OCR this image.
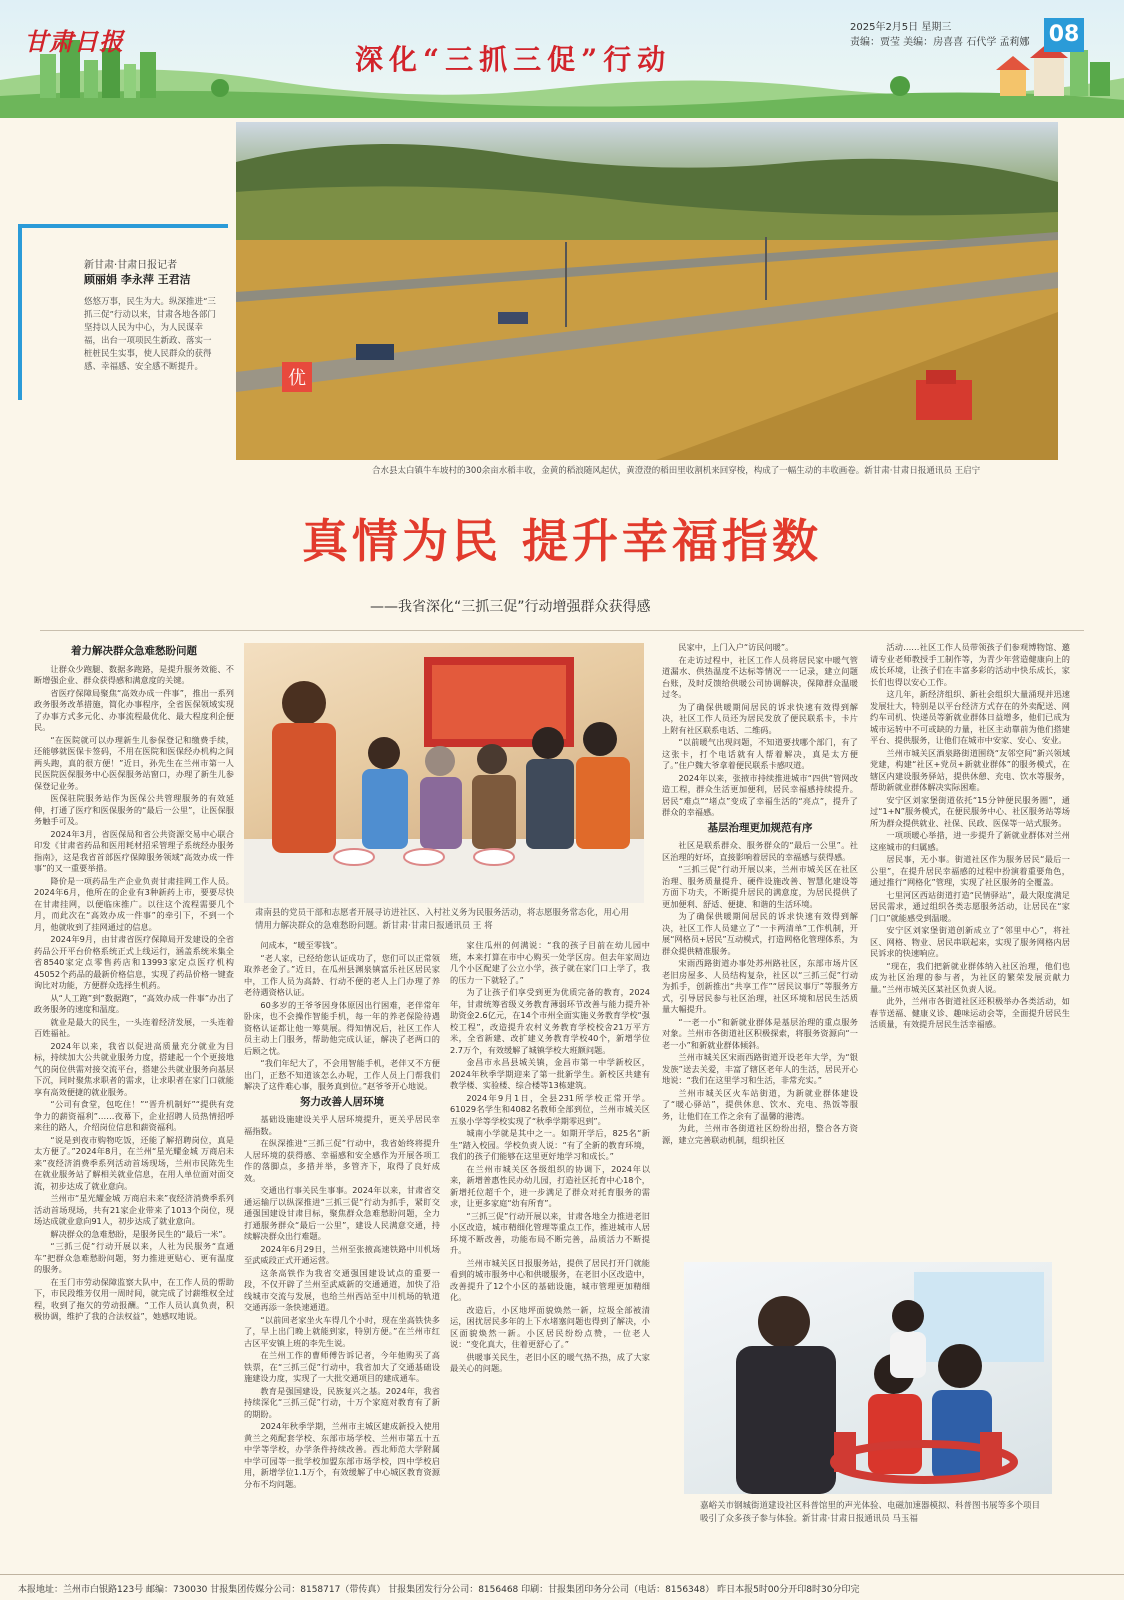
甘肃日报
深化“三抓三促”行动
2025年2月5日 星期三
责编：贾莹 美编：房喜喜 石代学 孟莉娜 08
优
合水县太白镇牛车坡村的300余亩水稻丰收，金黄的稻浪随风起伏，黄澄澄的稻田里收割机来回穿梭，构成了一幅生动的丰收画卷。新甘肃·甘肃日报通讯员 王启宁
新甘肃·甘肃日报记者
顾丽娟 李永萍 王君洁
悠悠万事，民生为大。纵深推进“三抓三促”行动以来，甘肃各地各部门坚持以人民为中心，为人民谋幸福，出台一项项民生新政、落实一桩桩民生实事，使人民群众的获得感、幸福感、安全感不断提升。
真情为民 提升幸福指数
——我省深化“三抓三促”行动增强群众获得感
着力解决群众急难愁盼问题

让群众少跑腿、数据多跑路，是提升服务效能、不断增强企业、群众获得感和满意度的关键。

省医疗保障局聚焦“高效办成一件事”，推出一系列政务服务改革措施，简化办事程序，全省医保领域实现了办事方式多元化、办事流程最优化、最大程度利企便民。

“在医院就可以办理新生儿参保登记和缴费手续，还能够就医保卡签码，不用在医院和医保经办机构之间两头跑，真的很方便！”近日，孙先生在兰州市第一人民医院医保服务中心医保服务站窗口，办理了新生儿参保登记业务。

医保驻院服务站作为医保公共管理服务的有效延伸，打通了医疗和医保服务的“最后一公里”，让医保服务触手可及。

2024年3月，省医保局和省公共资源交易中心联合印发《甘肃省药品和医用耗材招采管理子系统经办服务指南》，这是我省首部医疗保障服务领域“高效办成一件事”的又一重要举措。

降价是一项药品生产企业负责甘肃挂网工作人员。2024年6月，他所在的企业有3种新药上市，要要尽快在甘肃挂网，以便临床推广。以往这个流程需要几个月，而此次在“高效办成一件事”的牵引下，不到一个月，他就收到了挂网通过的信息。

2024年9月，由甘肃省医疗保障局开发建设的全省药品公开平台价格系统正式上线运行，涵盖系统米集全省8540家定点零售药店和13993家定点医疗机构45052个药品的最新价格信息，实现了药品价格一键查询比对功能，方便群众选择生机药。

从“人工跑”到“数据跑”，“高效办成一件事”办出了政务服务的速度和温度。

就业是最大的民生，一头连着经济发展，一头连着百姓福祉。

2024年以来，我省以促进高质量充分就业为目标，持续加大公共就业服务力度，搭建起一个个更接地气的岗位供需对接交流平台，搭建公共就业服务向基层下沉，同时聚焦求职者的需求，让求职者在家门口就能享有高效便捷的就业服务。

“公司有食堂，包吃住！”“晋升机制好”“提供有竞争力的薪资福利”……夜幕下，企业招聘人员热情招呼来往的路人，介绍岗位信息和薪资福利。

“说是到夜市购物吃饭，还能了解招聘岗位，真是太方便了。”2024年8月，在兰州“星光耀金城 万商启未来”夜经济消费季系列活动首场现场，兰州市民陈先生在就业服务站了解相关就业信息，在用人单位面对面交流，初步达成了就业意向。

兰州市“星光耀金城 万商启未来”夜经济消费季系列活动首场现场，共有21家企业带来了1013个岗位，现场达成就业意向91人，初步达成了就业意向。

解决群众的急难愁盼，是服务民生的“最后一米”。

“三抓三促”行动开展以来，人社为民服务“直通车”把群众急难愁盼问题，努力推进更贴心、更有温度的服务。

在玉门市劳动保障监察大队中，在工作人员的帮助下，市民段维芳仅用一周时间，就完成了讨薪维权全过程，收到了拖欠的劳动报酬。“工作人员认真负责，积极协调，维护了我的合法权益”，她感叹地说。

肃南县的党员干部和志愿者开展寻访进社区、入村社义务为民服务活动，将志愿服务常态化，用心用情用力解决群众的急难愁盼问题。新甘肃·甘肃日报通讯员 王 将

问成本，“暖至零钱”。

“老人家，已经给您认证成功了，您们可以正常领取养老金了。”近日，在瓜州县渊泉镇富乐社区居民家中，工作人员为高龄、行动不便的老人上门办理了养老待遇资格认证。

60多岁的王爷爷因身体原因出行困难，老伴常年卧床，也不会操作智能手机，每一年的养老保险待遇资格认证都让他一筹莫展。得知情况后，社区工作人员主动上门服务，帮助他完成认证，解决了老两口的后顾之忧。

“我们年纪大了，不会用智能手机，老伴又不方便出门，正愁不知道该怎么办呢，工作人员上门帮我们解决了这件难心事，服务真到位。”赵爷爷开心地说。

努力改善人居环境

基础设施建设关乎人居环境提升，更关乎居民幸福指数。

在纵深推进“三抓三促”行动中，我省始终将提升人居环境的获得感、幸福感和安全感作为开展各项工作的落脚点，多措并举，多管齐下，取得了良好成效。

交通出行事关民生事事。2024年以来，甘肃省交通运输厅以纵深推进“三抓三促”行动为抓手，紧盯交通强国建设甘肃目标，聚焦群众急难愁盼问题，全力打通服务群众“最后一公里”，建设人民满意交通，持续解决群众出行难题。

2024年6月29日，兰州至张掖高速铁路中川机场至武威段正式开通运营。

这条高铁作为我省交通强国建设试点的重要一段，不仅开辟了兰州至武威新的交通通道，加快了沿线城市交流与发展，也给兰州西站至中川机场的轨道交通再添一条快速通道。

“以前回老家坐火车得几个小时，现在坐高铁快多了，早上出门晚上就能到家，特别方便。”在兰州市红古区平安镇上班的李先生说。

在兰州工作的曹师傅告诉记者，今年他购买了高铁票，在“三抓三促”行动中，我省加大了交通基础设施建设力度，实现了一大批交通项目的建成通车。

教育是强国建设，民族复兴之基。2024年，我省持续深化“三抓三促”行动，十万个家庭对教育有了新的期盼。

2024年秋季学期，兰州市主城区建成新投入使用黄兰之苑配套学校、东部市场学校、兰州市第五十五中学等学校，办学条件持续改善。西北师范大学附属中学可园等一批学校加盟东部市场学校，四中学校启用，新增学位1.1万个，有效缓解了中心城区教育资源分布不均问题。

家住瓜州的何满说：“我的孩子目前在幼儿园中班，本来打算在市中心购买一处学区房。但去年家周边几个小区配建了公立小学，孩子就在家门口上学了，我的压力一下就轻了。”

为了让孩子们享受到更为优质完备的教育，2024年，甘肃统筹省级义务教育薄弱环节改善与能力提升补助资金2.6亿元，在14个市州全面实施义务教育学校“强校工程”，改造提升农村义务教育学校校舍21万平方米，全省新建、改扩建义务教育学校40个，新增学位2.7万个，有效缓解了城镇学校大班额问题。

金昌市永昌县城关镇，金昌市第一中学新校区，2024年秋季学期迎来了第一批新学生。新校区共建有教学楼、实验楼、综合楼等13栋建筑。

2024年9月1日，全县231所学校正常开学。61029名学生和4082名教师全部到位，兰州市城关区五泉小学等学校实现了“秋季学期零迟到”。

城南小学就是其中之一。如期开学后，825名“新生”踏入校园。学校负责人说：“有了全新的教育环境，我们的孩子们能够在这里更好地学习和成长。”

在兰州市城关区各级组织的协调下，2024年以来，新增普惠性民办幼儿园，打造社区托育中心18个，新增托位超千个，进一步满足了群众对托育服务的需求，让更多家庭“幼有所育”。

“三抓三促”行动开展以来，甘肃各地全力推进老旧小区改造，城市精细化管理等重点工作，推进城市人居环境不断改善，功能布局不断完善，品质活力不断提升。

兰州市城关区日报服务站，提供了居民打开门就能看到的城市服务中心和供暖服务，在老旧小区改造中，改善提升了12个小区的基础设施，城市管理更加精细化。

改造后，小区地坪面貌焕然一新，垃圾全部被清运，困扰居民多年的上下水堵塞问题也得到了解决，小区面貌焕然一新。小区居民纷纷点赞，一位老人说：“变化真大，住着更舒心了。”

供暖事关民生，老旧小区的暖气热不热，成了大家最关心的问题。

民家中，上门入户“访民问暖”。

在走访过程中，社区工作人员将居民家中暖气管道漏水、供热温度不达标等情况一一记录，建立问题台账，及时反馈给供暖公司协调解决，保障群众温暖过冬。

为了确保供暖期间居民的诉求快速有效得到解决，社区工作人员还为居民发放了便民联系卡，卡片上附有社区联系电话、二维码。

“以前暖气出现问题，不知道要找哪个部门，有了这张卡，打个电话就有人帮着解决，真是太方便了。”住户魏大爷拿着便民联系卡感叹道。

2024年以来，张掖市持续推进城市“四供”管网改造工程，群众生活更加便利，居民幸福感持续提升。居民“难点”“堵点”变成了幸福生活的“亮点”，提升了群众的幸福感。

基层治理更加规范有序

社区是联系群众、服务群众的“最后一公里”。社区治理的好坏，直接影响着居民的幸福感与获得感。

“三抓三促”行动开展以来，兰州市城关区在社区治理、服务质量提升、硬件设施改善、智慧化建设等方面下功夫，不断提升居民的满意度，为居民提供了更加便利、舒适、便捷、和谐的生活环境。

为了确保供暖期间居民的诉求快速有效得到解决，社区工作人员建立了“一卡两清单”工作机制，开展“网格员+居民”互动模式，打造网格化管理体系，为群众提供精准服务。

宋雨西路街道办事处苏州路社区，东部市场片区老旧房屋多、人员结构复杂，社区以“三抓三促”行动为抓手，创新推出“共享工作”“居民议事厅”等服务方式，引导居民参与社区治理，社区环境和居民生活质量大幅提升。

“一老一小”和新就业群体是基层治理的重点服务对象。兰州市各街道社区积极探索，将服务资源向“一老一小”和新就业群体倾斜。

兰州市城关区宋雨西路街道开设老年大学，为“银发族”送去关爱，丰富了辖区老年人的生活，居民开心地说：“我们在这里学习和生活，非常充实。”

兰州市城关区火车站街道，为新就业群体建设了“暖心驿站”，提供休息、饮水、充电、热饭等服务，让他们在工作之余有了温馨的港湾。

为此，兰州市各街道社区纷纷出招，整合各方资源，建立完善联动机制，组织社区

活动……社区工作人员带领孩子们参观博物馆、邀请专业老师教授手工制作等，为青少年营造健康向上的成长环境，让孩子们在丰富多彩的活动中快乐成长，家长们也得以安心工作。

这几年，新经济组织、新社会组织大量涌现并迅速发展壮大，特别是以平台经济方式存在的外卖配送、网约车司机、快递员等新就业群体日益增多，他们已成为城市运转中不可或缺的力量，社区主动靠前为他们搭建平台、提供服务，让他们在城市中安家、安心、安业。

兰州市城关区酒泉路街道围绕“友邻空间”新兴领域党建，构建“社区+党员+新就业群体”的服务模式，在辖区内建设服务驿站，提供休憩、充电、饮水等服务，帮助新就业群体解决实际困难。

安宁区刘家堡街道依托“15分钟便民服务圈”，通过“1+N”服务模式，在便民服务中心、社区服务站等场所为群众提供就业、社保、民政、医保等一站式服务。

一项项暖心举措，进一步提升了新就业群体对兰州这座城市的归属感。

居民事，无小事。街道社区作为服务居民“最后一公里”，在提升居民幸福感的过程中扮演着重要角色，通过推行“网格化”管理，实现了社区服务的全覆盖。

七里河区西站街道打造“民情驿站”，最大限度满足居民需求，通过组织各类志愿服务活动，让居民在“家门口”就能感受到温暖。

安宁区刘家堡街道创新成立了“邻里中心”，将社区、网格、物业、居民串联起来，实现了服务网格内居民诉求的快速响应。

“现在，我们把新就业群体纳入社区治理，他们也成为社区治理的参与者，为社区的繁荣发展贡献力量。”兰州市城关区某社区负责人说。

此外，兰州市各街道社区还积极举办各类活动，如春节送福、健康义诊、趣味运动会等，全面提升居民生活质量，有效提升居民生活幸福感。

嘉峪关市钢城街道建设社区科普馆里的声光体验、电磁加速器模拟、科普图书展等多个项目吸引了众多孩子参与体验。新甘肃·甘肃日报通讯员 马玉福
本报地址：兰州市白银路123号 邮编：730030 甘报集团传媒分公司：8158717（带传真） 甘报集团发行分公司：8156468 印刷：甘报集团印务分公司（电话：8156348） 昨日本报5时00分开印8时30分印完
